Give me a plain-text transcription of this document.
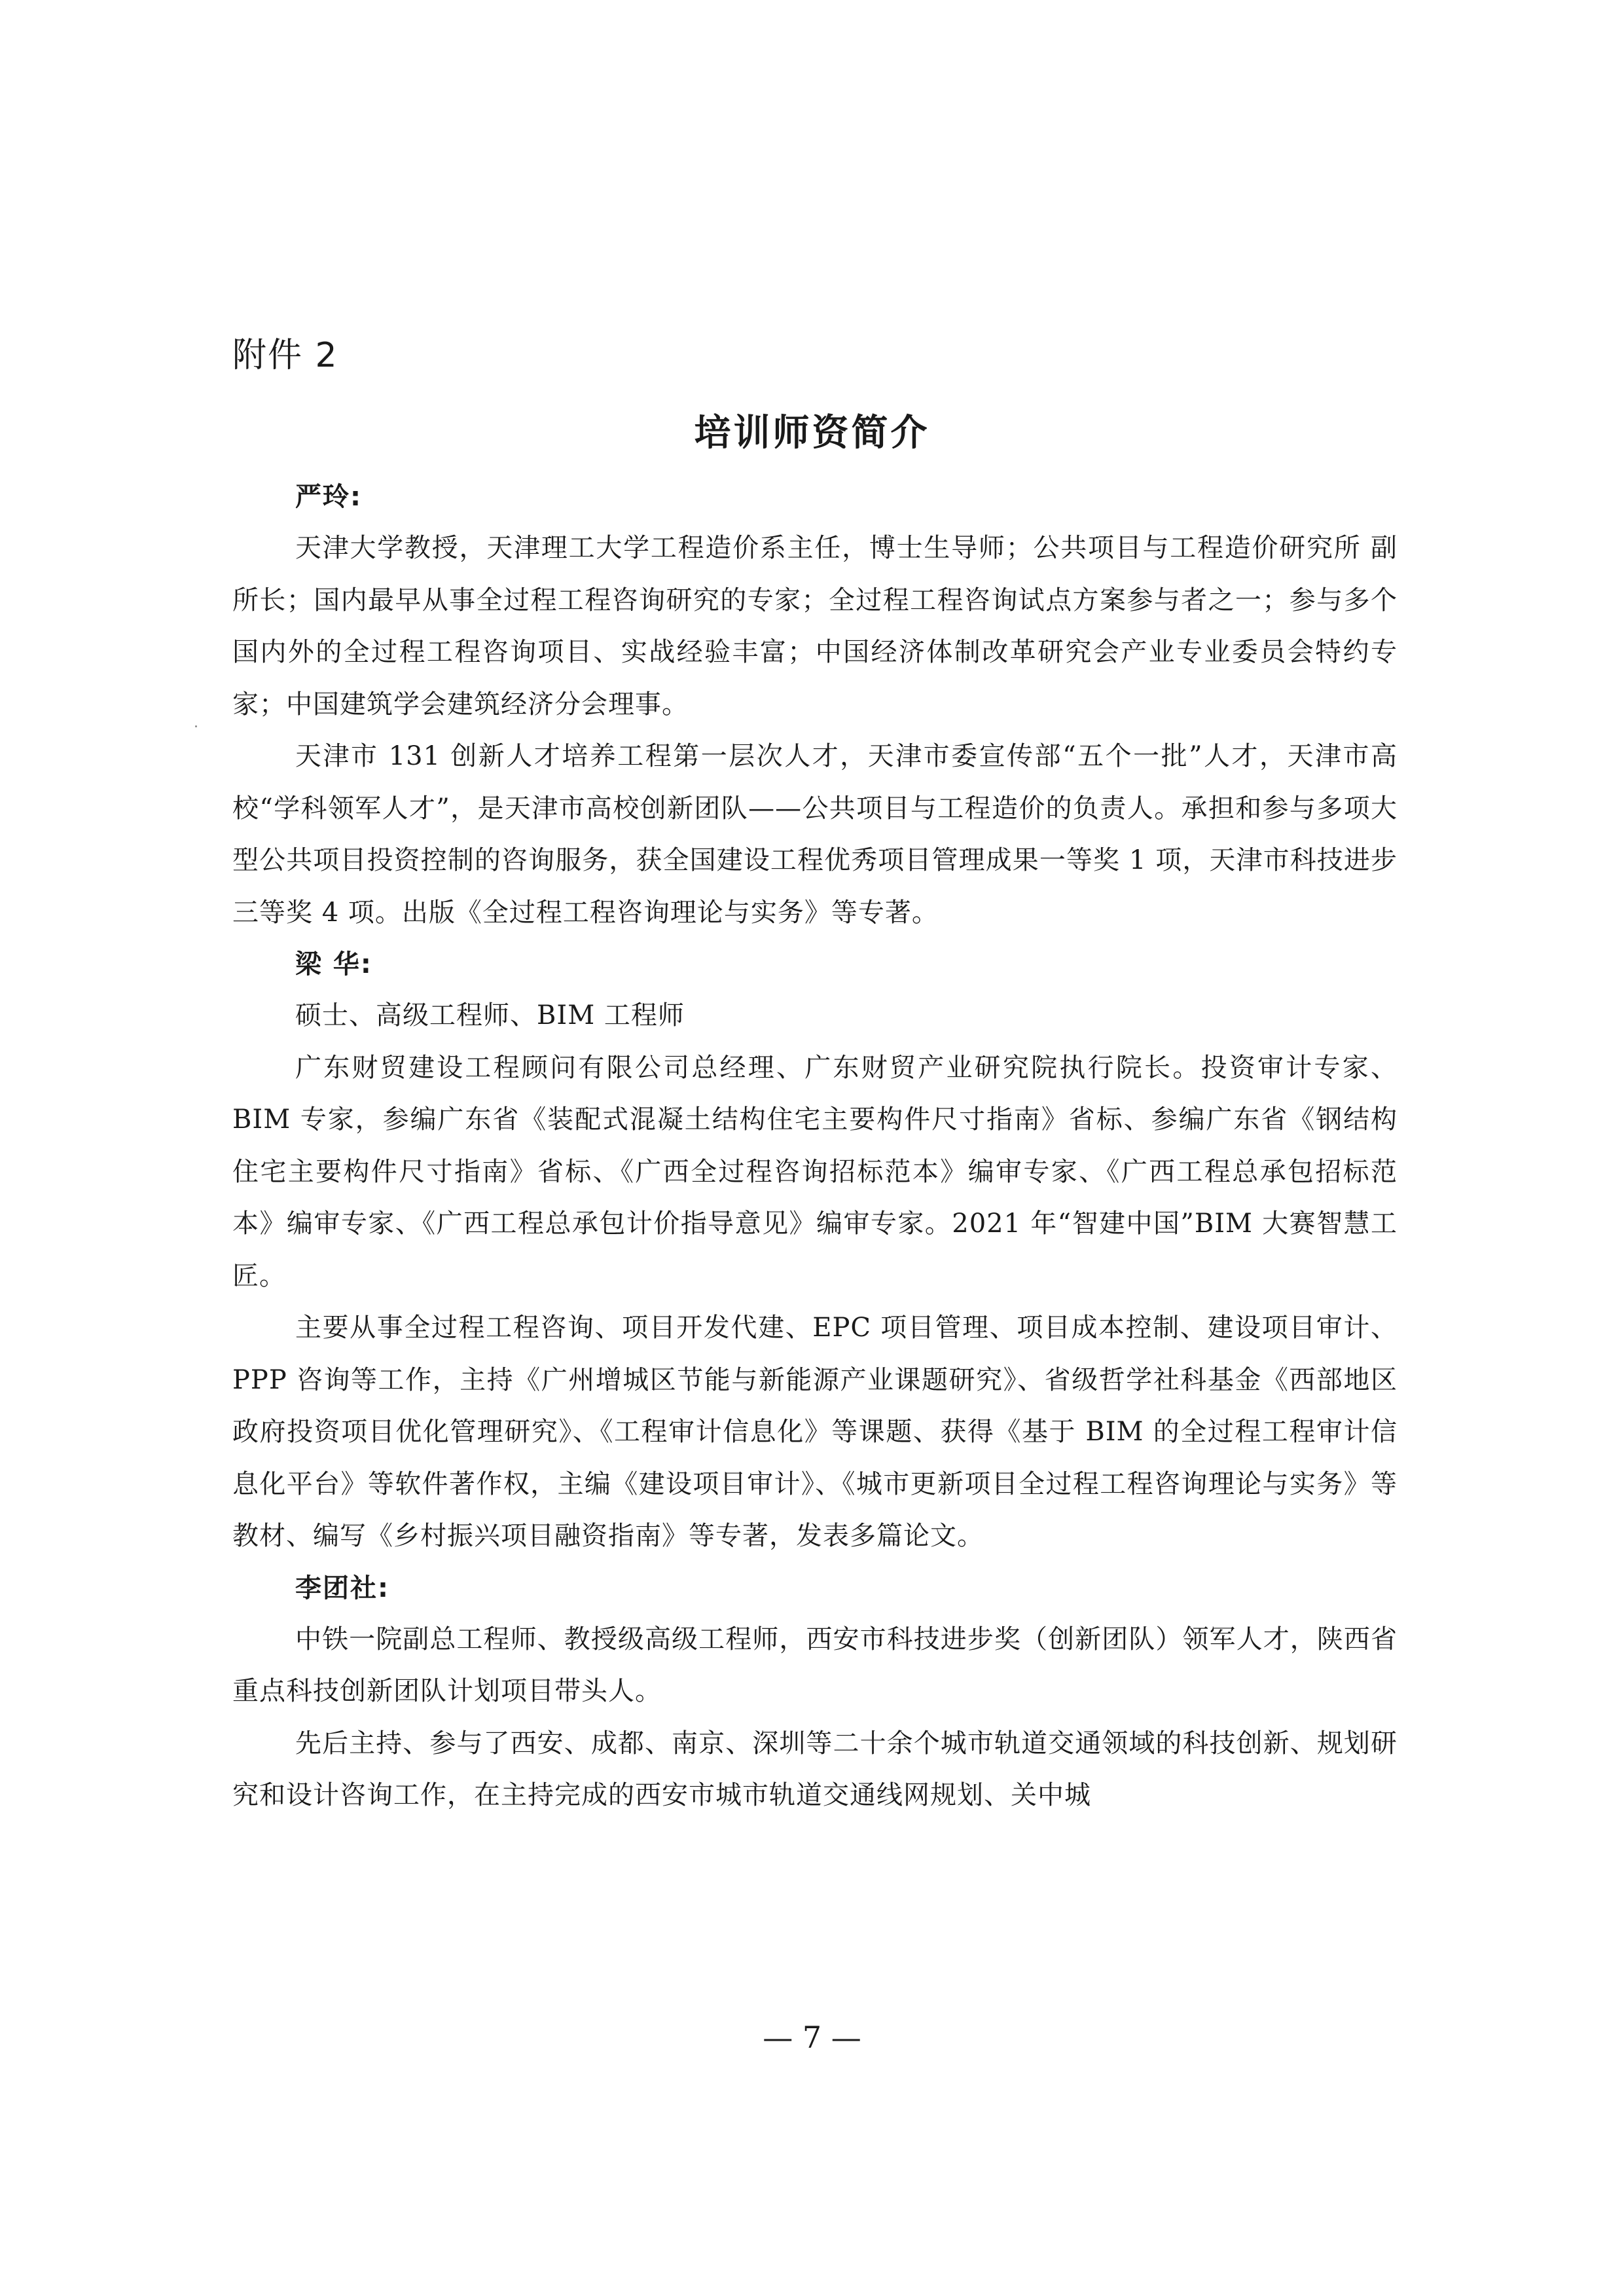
附件 2

培训师资简介

严玲:

天津大学教授，天津理工大学工程造价系主任，博士生导师；公共项目与工程造价研究所 副所长；国内最早从事全过程工程咨询研究的专家；全过程工程咨询试点方案参与者之一；参与多个国内外的全过程工程咨询项目、实战经验丰富；中国经济体制改革研究会产业专业委员会特约专家；中国建筑学会建筑经济分会理事。

天津市 131 创新人才培养工程第一层次人才，天津市委宣传部“五个一批”人才，天津市高校“学科领军人才”，是天津市高校创新团队——公共项目与工程造价的负责人。承担和参与多项大型公共项目投资控制的咨询服务，获全国建设工程优秀项目管理成果一等奖 1 项，天津市科技进步三等奖 4 项。出版《全过程工程咨询理论与实务》等专著。

梁 华:

硕士、高级工程师、BIM 工程师

广东财贸建设工程顾问有限公司总经理、广东财贸产业研究院执行院长。投资审计专家、BIM 专家，参编广东省《装配式混凝土结构住宅主要构件尺寸指南》省标、参编广东省《钢结构住宅主要构件尺寸指南》省标、《广西全过程咨询招标范本》编审专家、《广西工程总承包招标范本》编审专家、《广西工程总承包计价指导意见》编审专家。2021 年“智建中国”BIM 大赛智慧工匠。

主要从事全过程工程咨询、项目开发代建、EPC 项目管理、项目成本控制、建设项目审计、PPP 咨询等工作，主持《广州增城区节能与新能源产业课题研究》、省级哲学社科基金《西部地区政府投资项目优化管理研究》、《工程审计信息化》等课题、获得《基于 BIM 的全过程工程审计信息化平台》等软件著作权，主编《建设项目审计》、《城市更新项目全过程工程咨询理论与实务》等教材、编写《乡村振兴项目融资指南》等专著，发表多篇论文。

李团社:

中铁一院副总工程师、教授级高级工程师，西安市科技进步奖（创新团队）领军人才，陕西省重点科技创新团队计划项目带头人。

先后主持、参与了西安、成都、南京、深圳等二十余个城市轨道交通领域的科技创新、规划研究和设计咨询工作，在主持完成的西安市城市轨道交通线网规划、关中城

— 7 —
